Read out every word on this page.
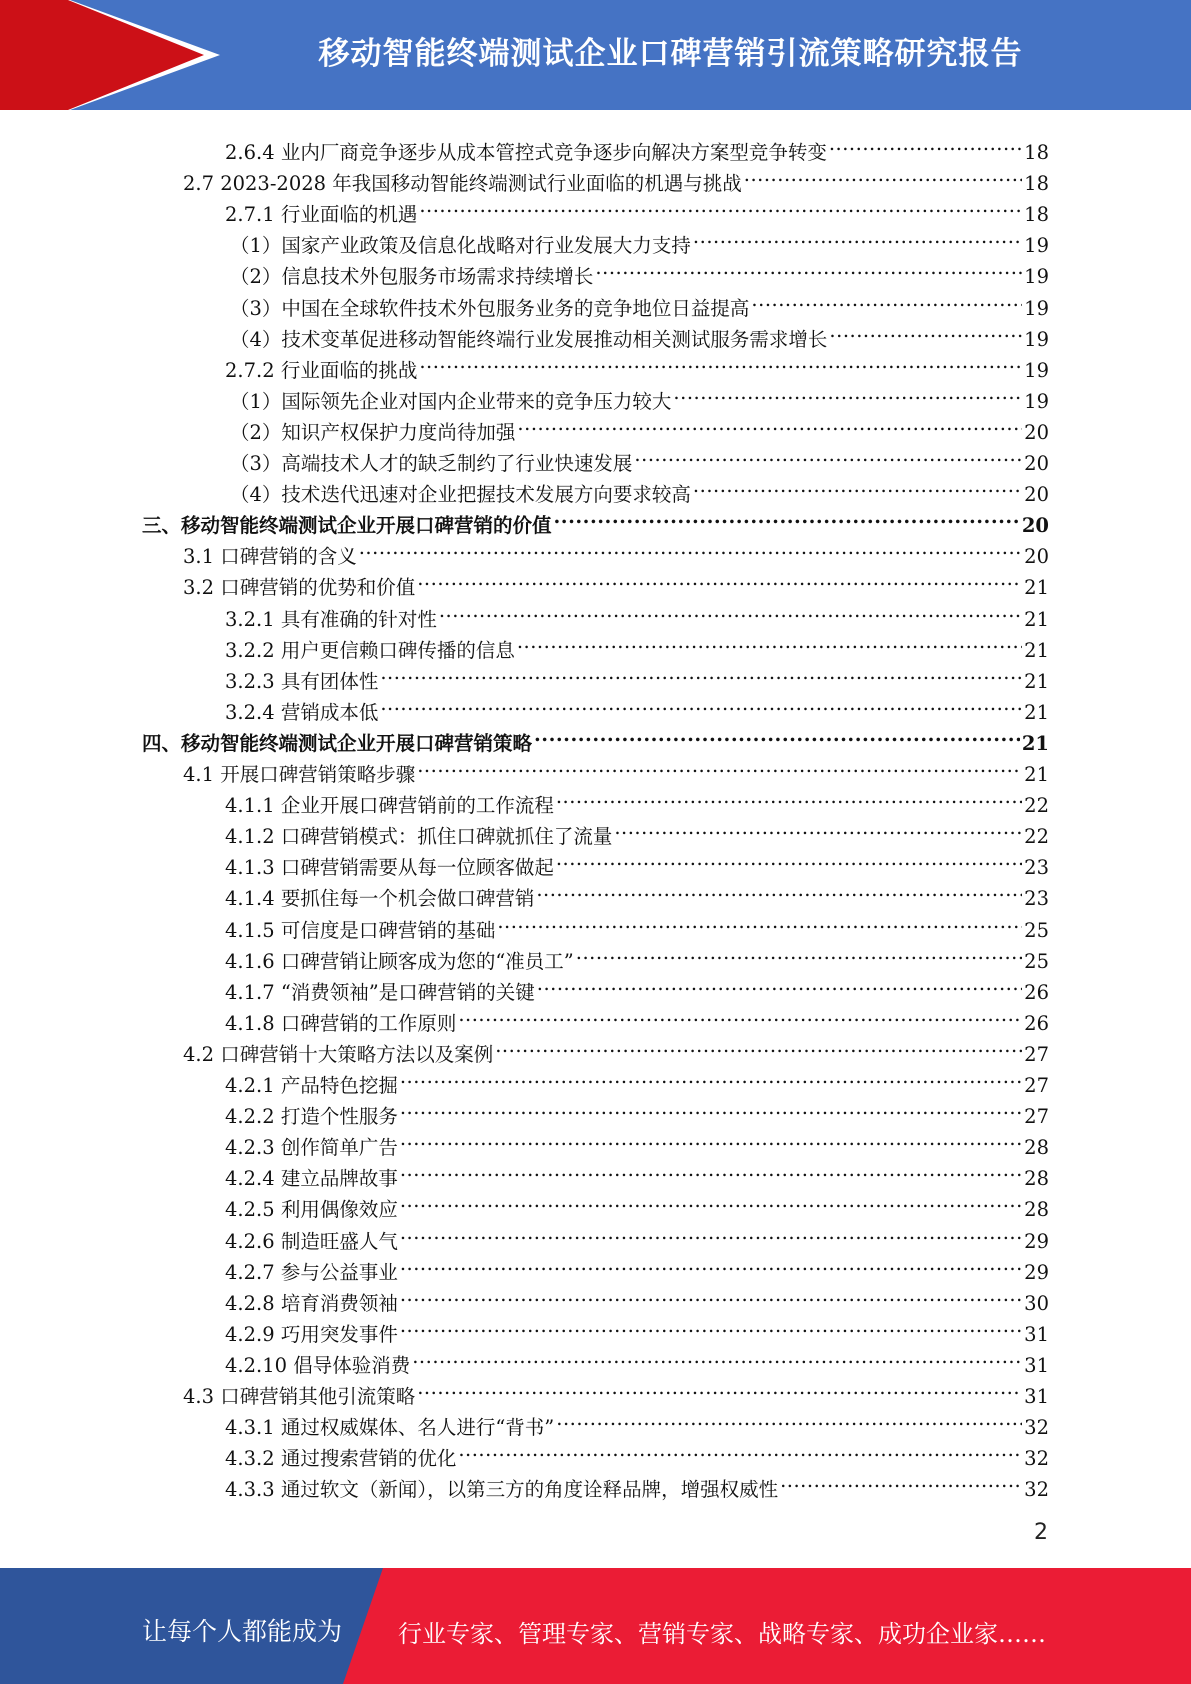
移动智能终端测试企业口碑营销引流策略研究报告
2.6.4 业内厂商竞争逐步从成本管控式竞争逐步向解决方案型竞争转变 .....	18
2.7 2023-2028 年我国移动智能终端测试行业面临的机遇与挑战 .....	18
2.7.1 行业面临的机遇 .....	18
（1）国家产业政策及信息化战略对行业发展大力支持 .....	19
（2）信息技术外包服务市场需求持续增长 .....	19
（3）中国在全球软件技术外包服务业务的竞争地位日益提高 .....	19
（4）技术变革促进移动智能终端行业发展推动相关测试服务需求增长 .....	19
2.7.2 行业面临的挑战 .....	19
（1）国际领先企业对国内企业带来的竞争压力较大 .....	19
（2）知识产权保护力度尚待加强 .....	20
（3）高端技术人才的缺乏制约了行业快速发展 .....	20
（4）技术迭代迅速对企业把握技术发展方向要求较高 .....	20
三、移动智能终端测试企业开展口碑营销的价值 .....	20
3.1 口碑营销的含义 .....	20
3.2 口碑营销的优势和价值 .....	21
3.2.1 具有准确的针对性 .....	21
3.2.2 用户更信赖口碑传播的信息 .....	21
3.2.3 具有团体性 .....	21
3.2.4 营销成本低 .....	21
四、移动智能终端测试企业开展口碑营销策略 .....	21
4.1 开展口碑营销策略步骤 .....	21
4.1.1 企业开展口碑营销前的工作流程 .....	22
4.1.2 口碑营销模式：抓住口碑就抓住了流量 .....	22
4.1.3 口碑营销需要从每一位顾客做起 .....	23
4.1.4 要抓住每一个机会做口碑营销 .....	23
4.1.5 可信度是口碑营销的基础 .....	25
4.1.6 口碑营销让顾客成为您的“准员工” .....	25
4.1.7 “消费领袖”是口碑营销的关键 .....	26
4.1.8 口碑营销的工作原则 .....	26
4.2 口碑营销十大策略方法以及案例 .....	27
4.2.1 产品特色挖掘 .....	27
4.2.2 打造个性服务 .....	27
4.2.3 创作简单广告 .....	28
4.2.4 建立品牌故事 .....	28
4.2.5 利用偶像效应 .....	28
4.2.6 制造旺盛人气 .....	29
4.2.7 参与公益事业 .....	29
4.2.8 培育消费领袖 .....	30
4.2.9 巧用突发事件 .....	31
4.2.10 倡导体验消费 .....	31
4.3 口碑营销其他引流策略 .....	31
4.3.1 通过权威媒体、名人进行“背书” .....	32
4.3.2 通过搜索营销的优化 .....	32
4.3.3 通过软文（新闻），以第三方的角度诠释品牌，增强权威性 .....	32
2
让每个人都能成为 行业专家、管理专家、营销专家、战略专家、成功企业家……
